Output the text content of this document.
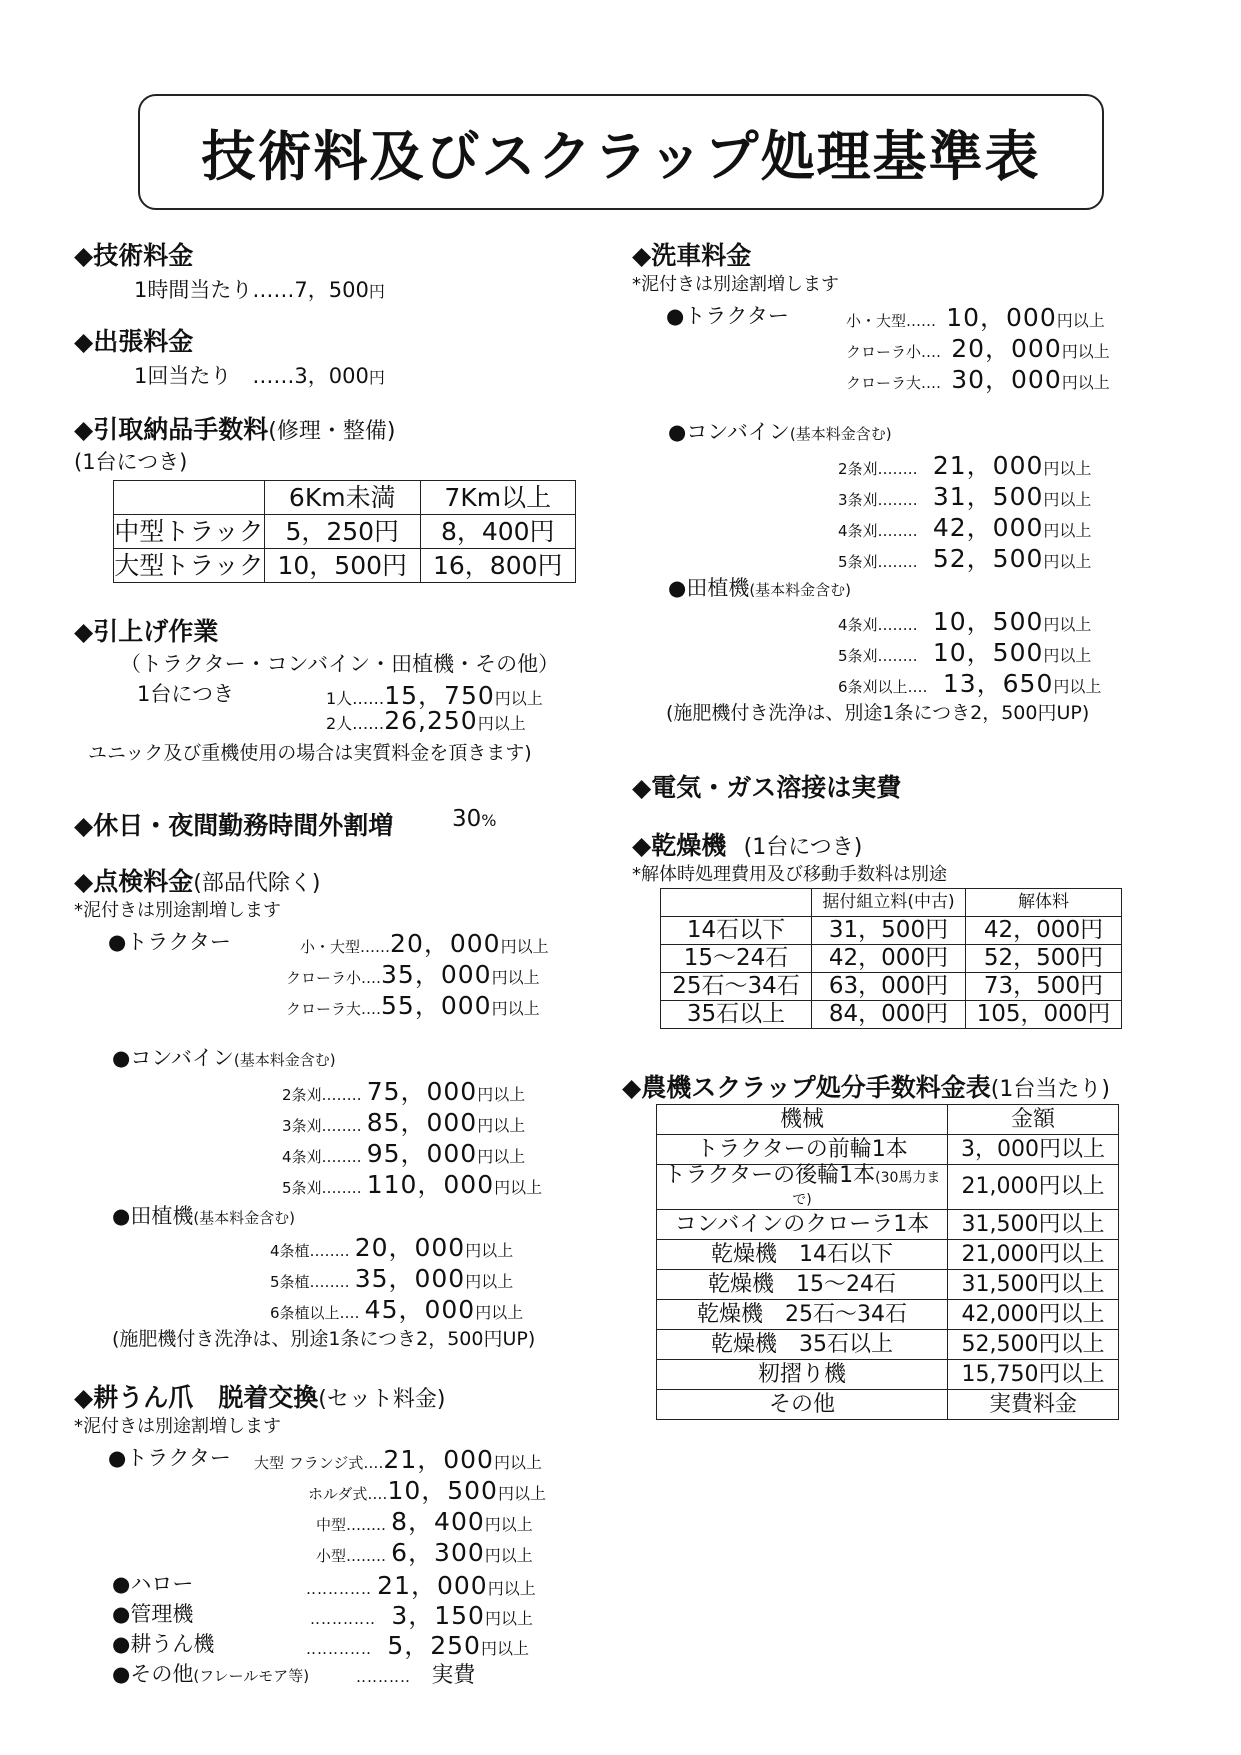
技術料及びスクラップ処理基準表
◆技術料金
1時間当たり‥‥‥7，500円
◆出張料金
1回当たり　‥‥‥3，000円
◆引取納品手数料(修理・整備)
(1台につき)
	6Km未満	7Km以上
中型トラック	5，250円	8，400円
大型トラック	10，500円	16，800円
◆引上げ作業
（トラクター・コンバイン・田植機・その他）
1台につき	1人‥‥‥15，750円以上
2人‥‥‥26,250円以上
ユニック及び重機使用の場合は実質料金を頂きます)
◆休日・夜間勤務時間外割増	30%
◆点検料金(部品代除く)
*泥付きは別途割増します
●トラクター	小・大型‥‥‥20，000円以上
クローラ小‥‥35，000円以上
クローラ大‥‥55，000円以上
●コンバイン(基本料金含む)
2条刈‥‥‥‥ 75，000円以上
3条刈‥‥‥‥ 85，000円以上
4条刈‥‥‥‥ 95，000円以上
5条刈‥‥‥‥ 110，000円以上
●田植機(基本料金含む)
4条植‥‥‥‥ 20，000円以上
5条植‥‥‥‥ 35，000円以上
6条植以上‥‥ 45，000円以上
(施肥機付き洗浄は、別途1条につき2，500円UP)
◆耕うん爪　脱着交換(セット料金)
*泥付きは別途割増します
●トラクター 大型 フランジ式‥‥21，000円以上
ホルダ式‥‥10，500円以上
中型‥‥‥‥ 8，400円以上
小型‥‥‥‥ 6，300円以上
●ハロー	‥‥‥‥‥‥ 21，000円以上
●管理機	‥‥‥‥‥‥ 3，150円以上
●耕うん機	‥‥‥‥‥‥ 5，250円以上
●その他(フレールモア等)	‥‥‥‥‥ 実費
◆洗車料金
*泥付きは別途割増します
●トラクター	小・大型‥‥‥ 10，000円以上
クローラ小‥‥ 20，000円以上
クローラ大‥‥ 30，000円以上
●コンバイン(基本料金含む)
2条刈‥‥‥‥ 21，000円以上
3条刈‥‥‥‥ 31，500円以上
4条刈‥‥‥‥ 42，000円以上
5条刈‥‥‥‥ 52，500円以上
●田植機(基本料金含む)
4条刈‥‥‥‥ 10，500円以上
5条刈‥‥‥‥ 10，500円以上
6条刈以上‥‥ 13，650円以上
(施肥機付き洗浄は、別途1条につき2，500円UP)
◆電気・ガス溶接は実費
◆乾燥機 (1台につき)
*解体時処理費用及び移動手数料は別途
	据付組立料(中古)	解体料
14石以下	31，500円	42，000円
15～24石	42，000円	52，500円
25石～34石	63，000円	73，500円
35石以上	84，000円	105，000円
◆農機スクラップ処分手数料金表(1台当たり)
機械	金額
トラクターの前輪1本	3，000円以上
トラクターの後輪1本(30馬力まで)	21,000円以上
コンバインのクローラ1本	31,500円以上
乾燥機　14石以下	21,000円以上
乾燥機　15～24石	31,500円以上
乾燥機　25石～34石	42,000円以上
乾燥機　35石以上	52,500円以上
籾摺り機	15,750円以上
その他	実費料金
